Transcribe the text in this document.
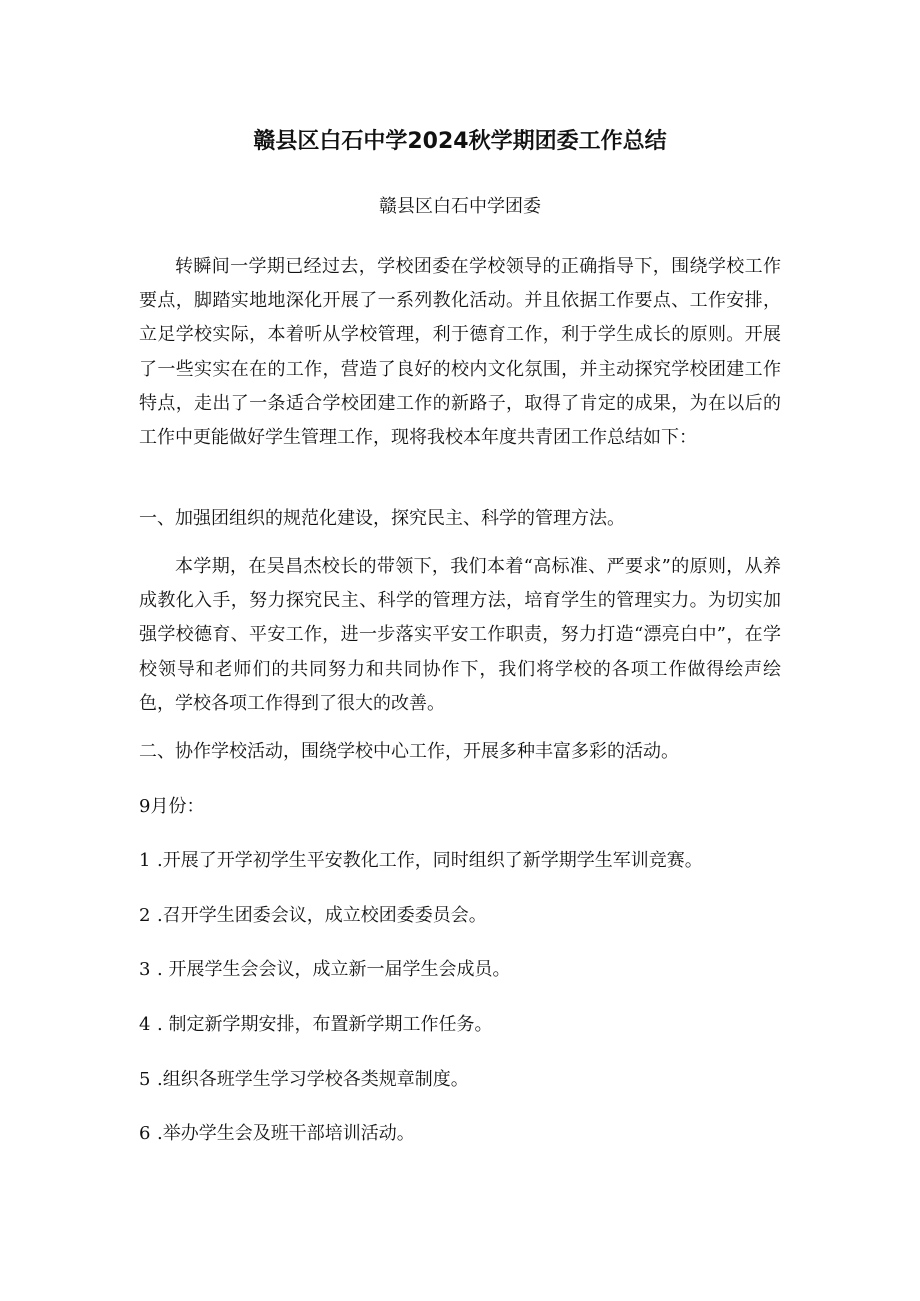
赣县区白石中学2024秋学期团委工作总结
赣县区白石中学团委

转瞬间一学期已经过去，学校团委在学校领导的正确指导下，围绕学校工作要点，脚踏实地地深化开展了一系列教化活动。并且依据工作要点、工作安排，立足学校实际，本着听从学校管理，利于德育工作，利于学生成长的原则。开展了一些实实在在的工作，营造了良好的校内文化氛围，并主动探究学校团建工作特点，走出了一条适合学校团建工作的新路子，取得了肯定的成果，为在以后的工作中更能做好学生管理工作，现将我校本年度共青团工作总结如下：

一、加强团组织的规范化建设，探究民主、科学的管理方法。

本学期，在吴昌杰校长的带领下，我们本着“高标准、严要求”的原则，从养成教化入手，努力探究民主、科学的管理方法，培育学生的管理实力。为切实加强学校德育、平安工作，进一步落实平安工作职责，努力打造“漂亮白中”，在学校领导和老师们的共同努力和共同协作下，我们将学校的各项工作做得绘声绘色，学校各项工作得到了很大的改善。

二、协作学校活动，围绕学校中心工作，开展多种丰富多彩的活动。

9月份：

1 .开展了开学初学生平安教化工作，同时组织了新学期学生军训竞赛。

2 .召开学生团委会议，成立校团委委员会。

3 . 开展学生会会议，成立新一届学生会成员。

4 . 制定新学期安排，布置新学期工作任务。

5 .组织各班学生学习学校各类规章制度。

6 .举办学生会及班干部培训活动。
